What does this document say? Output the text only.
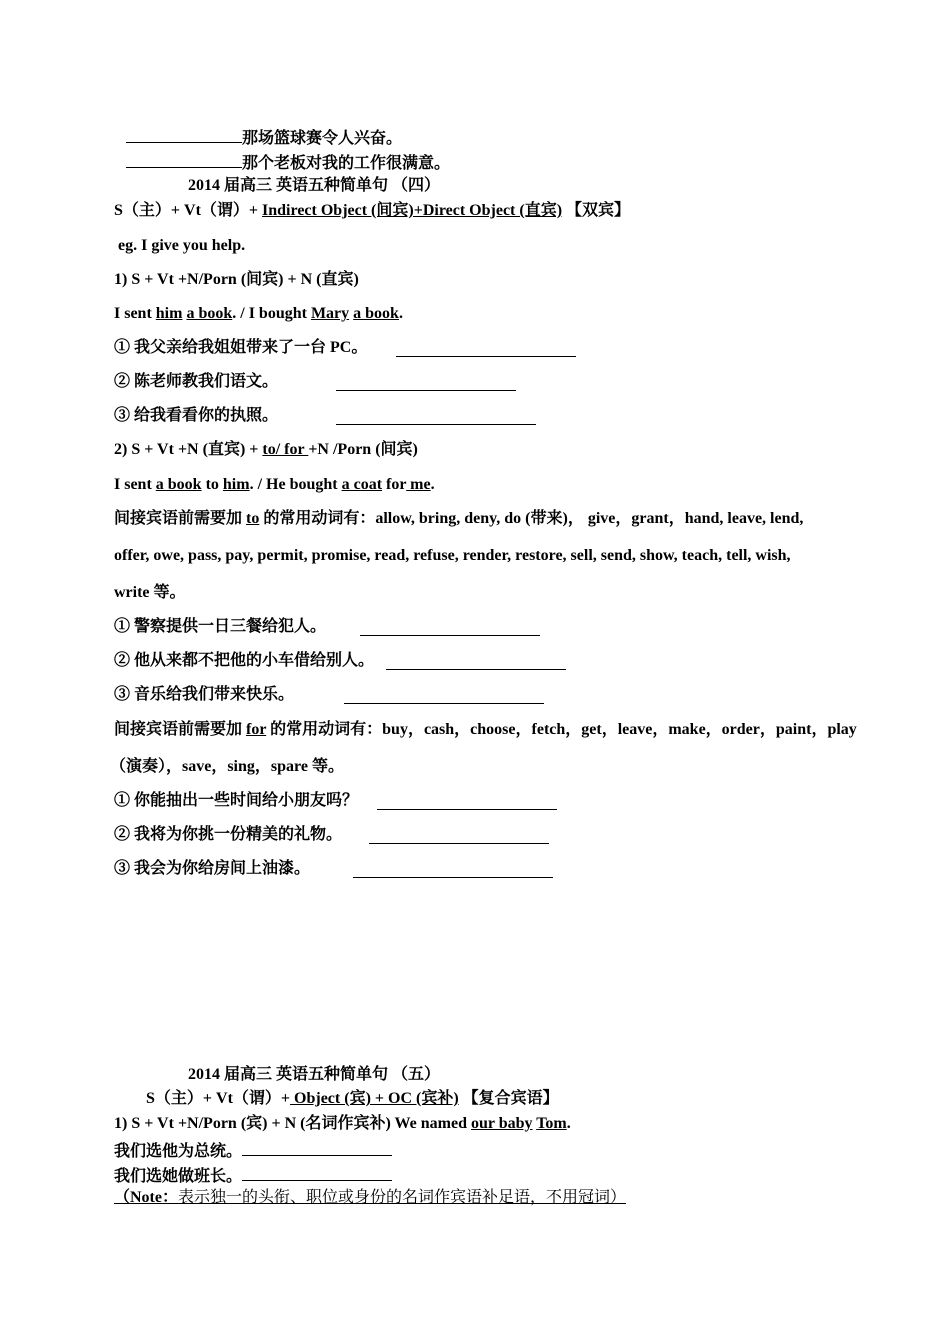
那场篮球赛令人兴奋。
那个老板对我的工作很满意。
2014 届高三 英语五种简单句 （四）
S（主）+ Vt（谓）+ Indirect Object (间宾)+Direct Object (直宾) 【双宾】
eg. I give you help.
1) S + Vt +N/Porn (间宾) + N (直宾)
I sent him a book. / I bought Mary a book.
① 我父亲给我姐姐带来了一台 PC。
② 陈老师教我们语文。
③ 给我看看你的执照。
2) S + Vt +N (直宾) + to/ for +N /Porn (间宾)
I sent a book to him. / He bought a coat for me.
间接宾语前需要加 to 的常用动词有：allow, bring, deny, do (带来)， give，grant，hand, leave, lend,
offer, owe, pass, pay, permit, promise, read, refuse, render, restore, sell, send, show, teach, tell, wish,
write 等。
① 警察提供一日三餐给犯人。
② 他从来都不把他的小车借给别人。
③ 音乐给我们带来快乐。
间接宾语前需要加 for 的常用动词有：buy，cash，choose，fetch，get，leave，make，order，paint，play
（演奏），save，sing，spare 等。
① 你能抽出一些时间给小朋友吗？
② 我将为你挑一份精美的礼物。
③ 我会为你给房间上油漆。
2014 届高三 英语五种简单句 （五）
S（主）+ Vt（谓）+ Object (宾) + OC (宾补) 【复合宾语】
1) S + Vt +N/Porn (宾) + N (名词作宾补) We named our baby Tom.
我们选他为总统。
我们选她做班长。
（Note：表示独一的头衔、职位或身份的名词作宾语补足语，不用冠词）
